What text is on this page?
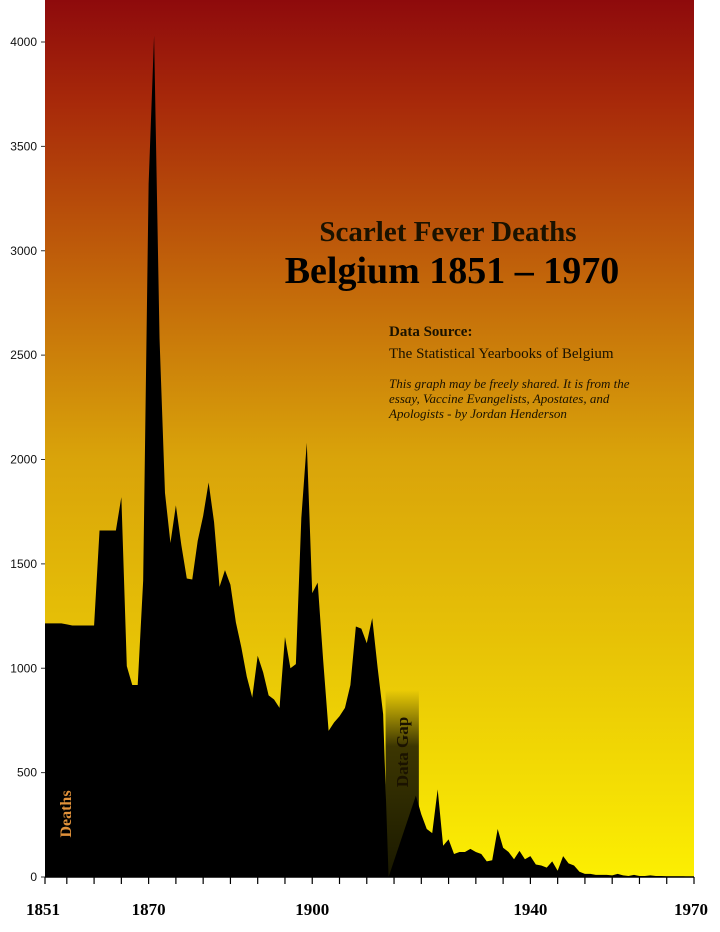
0
500
1000
1500
2000
2500
3000
3500
4000
Data Gap
1851	1870	1900	1940	1970
Scarlet Fever Deaths
Belgium 1851 – 1970
Data Source:
The Statistical Yearbooks of Belgium
This graph may be freely shared. It is from the
essay, Vaccine Evangelists, Apostates, and
Apologists - by Jordan Henderson
Deaths
